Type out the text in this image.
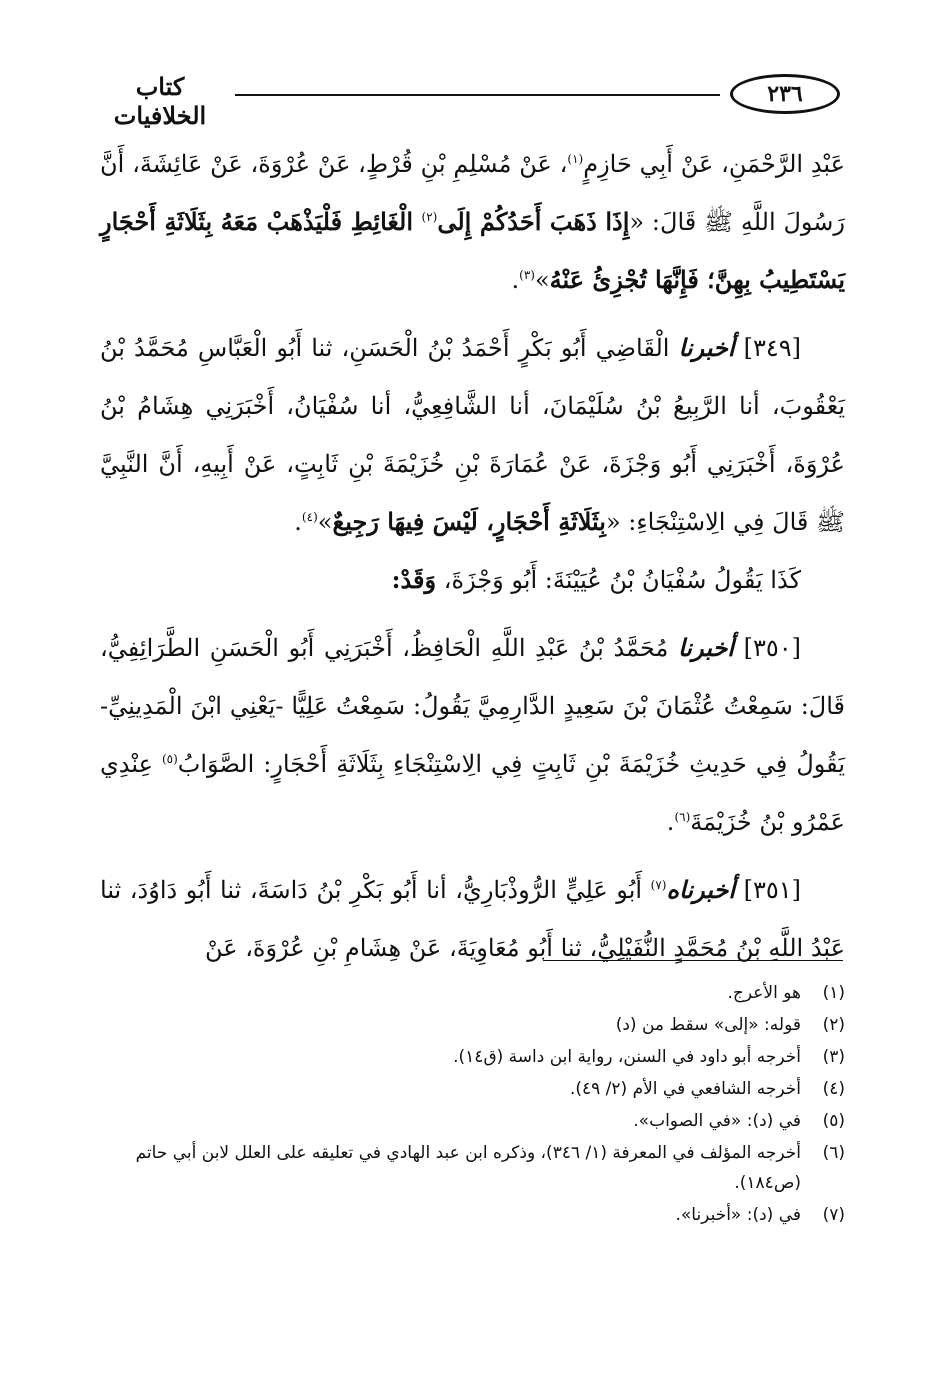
٢٣٦
كتاب الخلافيات

عَبْدِ الرَّحْمَنِ، عَنْ أَبِي حَازِمٍ$^{(١)}$، عَنْ مُسْلِمِ بْنِ قُرْطٍ، عَنْ عُرْوَةَ، عَنْ عَائِشَةَ، أَنَّ رَسُولَ اللَّهِ ﷺ قَالَ: «إِذَا ذَهَبَ أَحَدُكُمْ إِلَى$^{(٢)}$ الْغَائِطِ فَلْيَذْهَبْ مَعَهُ بِثَلَاثَةِ أَحْجَارٍ يَسْتَطِيبُ بِهِنَّ؛ فَإِنَّهَا تُجْزِئُ عَنْهُ»$^{(٣)}$.

[٣٤٩] أخبرنا الْقَاضِي أَبُو بَكْرٍ أَحْمَدُ بْنُ الْحَسَنِ، ثنا أَبُو الْعَبَّاسِ مُحَمَّدُ بْنُ يَعْقُوبَ، أنا الرَّبِيعُ بْنُ سُلَيْمَانَ، أنا الشَّافِعِيُّ، أنا سُفْيَانُ، أَخْبَرَنِي هِشَامُ بْنُ عُرْوَةَ، أَخْبَرَنِي أَبُو وَجْزَةَ، عَنْ عُمَارَةَ بْنِ خُزَيْمَةَ بْنِ ثَابِتٍ، عَنْ أَبِيهِ، أَنَّ النَّبِيَّ ﷺ قَالَ فِي الِاسْتِنْجَاءِ: «بِثَلَاثَةِ أَحْجَارٍ، لَيْسَ فِيهَا رَجِيعٌ»$^{(٤)}$.

كَذَا يَقُولُ سُفْيَانُ بْنُ عُيَيْنَةَ: أَبُو وَجْزَةَ، وَقَدْ:

[٣٥٠] أخبرنا مُحَمَّدُ بْنُ عَبْدِ اللَّهِ الْحَافِظُ، أَخْبَرَنِي أَبُو الْحَسَنِ الطَّرَائِفِيُّ، قَالَ: سَمِعْتُ عُثْمَانَ بْنَ سَعِيدٍ الدَّارِمِيَّ يَقُولُ: سَمِعْتُ عَلِيًّا -يَعْنِي ابْنَ الْمَدِينِيِّ- يَقُولُ فِي حَدِيثِ خُزَيْمَةَ بْنِ ثَابِتٍ فِي الِاسْتِنْجَاءِ بِثَلَاثَةِ أَحْجَارٍ: الصَّوَابُ$^{(٥)}$ عِنْدِي عَمْرُو بْنُ خُزَيْمَةَ$^{(٦)}$.

[٣٥١] أخبرناه$^{(٧)}$ أَبُو عَلِيٍّ الرُّوذْبَارِيُّ، أنا أَبُو بَكْرِ بْنُ دَاسَةَ، ثنا أَبُو دَاوُدَ، ثنا عَبْدُ اللَّهِ بْنُ مُحَمَّدٍ النُّفَيْلِيُّ، ثنا أَبُو مُعَاوِيَةَ، عَنْ هِشَامِ بْنِ عُرْوَةَ، عَنْ

(١)
هو الأعرج.
(٢)
قوله: «إلى» سقط من (د)
(٣)
أخرجه أبو داود في السنن، رواية ابن داسة (ق١٤).
(٤)
أخرجه الشافعي في الأم (٢/ ٤٩).
(٥)
في (د): «في الصواب».
(٦)
أخرجه المؤلف في المعرفة (١/ ٣٤٦)، وذكره ابن عبد الهادي في تعليقه على العلل لابن أبي حاتم (ص١٨٤).
(٧)
في (د): «أخبرنا».
